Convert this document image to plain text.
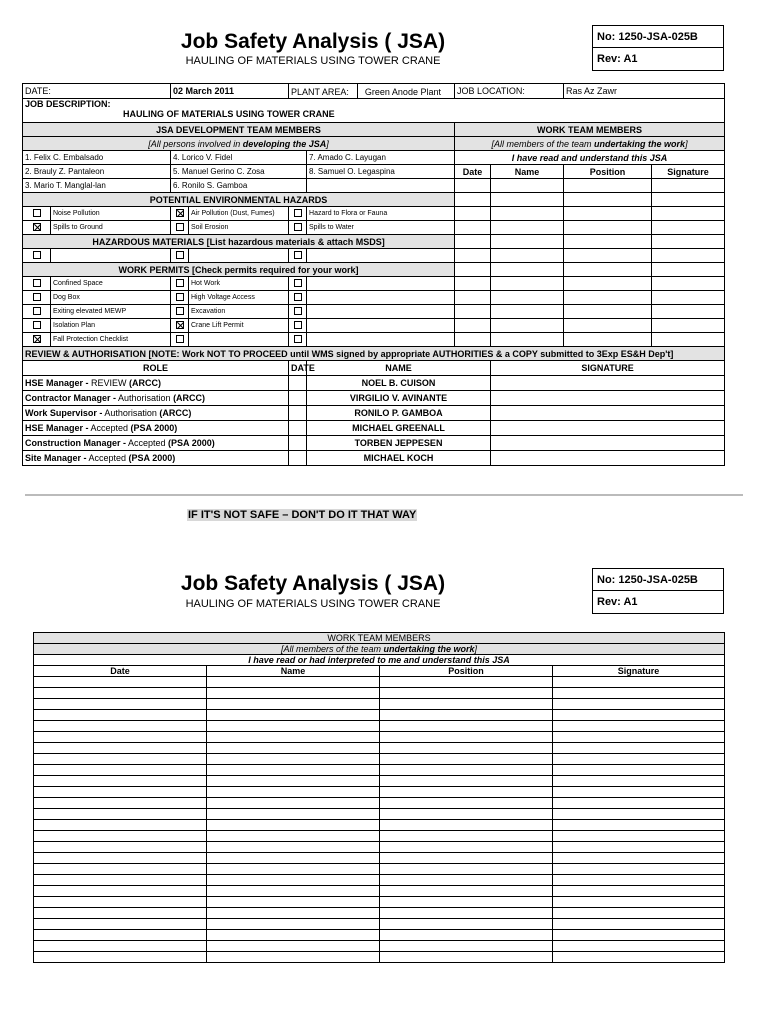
Job Safety Analysis ( JSA)
HAULING OF MATERIALS USING TOWER CRANE
No: 1250-JSA-025B
Rev: A1
DATE:		02 March 2011		PLANT AREA: Green Anode Plant		JOB LOCATION:		Ras Az Zawr	

JOB DESCRIPTION:
HAULING OF MATERIALS USING TOWER CRANE									

JSA DEVELOPMENT TEAM MEMBERS						WORK TEAM MEMBERS			
[All persons involved in developing the JSA]						[All members of the team undertaking the work]			
1. Felix C. Embalsado		4. Lorico V. Fidel			7. Amado C. Layugan	I have read and understand this JSA			
2. Brauly Z. Pantaleon		5. Manuel Gerino C. Zosa			8. Samuel O. Legaspina	Date	Name	Position	Signature
3. Mario T. Manglal-lan		6. Ronilo S. Gamboa							
POTENTIAL ENVIRONMENTAL HAZARDS									
	Noise Pollution		Air Pollution (Dust, Fumes)		Hazard to Flora or Fauna				
	Spills to Ground		Soil Erosion		Spills to Water				
HAZARDOUS MATERIALS [List hazardous materials & attach MSDS]									

WORK PERMITS [Check permits required for your work]									
	Confined Space		Hot Work						
	Dog Box		High Voltage Access						
	Exiting elevated MEWP		Excavation						
	Isolation Plan		Crane Lift Permit						
	Fall Protection Checklist								
REVIEW & AUTHORISATION [NOTE: Work NOT TO PROCEED until WMS signed by appropriate AUTHORITIES & a COPY submitted to 3Exp ES&H Dep't]									
ROLE				DATE	NAME		SIGNATURE		
HSE Manager - REVIEW (ARCC)					NOEL B. CUISON				
Contractor Manager - Authorisation (ARCC)					VIRGILIO V. AVINANTE				
Work Supervisor - Authorisation (ARCC)					RONILO P. GAMBOA				
HSE Manager - Accepted (PSA 2000)					MICHAEL GREENALL				
Construction Manager - Accepted (PSA 2000)					TORBEN JEPPESEN				
Site Manager - Accepted (PSA 2000)					MICHAEL KOCH				
IF IT'S NOT SAFE – DON'T DO IT THAT WAY
Job Safety Analysis ( JSA)
HAULING OF MATERIALS USING TOWER CRANE
No: 1250-JSA-025B
Rev: A1
WORK TEAM MEMBERS			
[All members of the team undertaking the work]			
I have read or had interpreted to me and understand this JSA			
Date	Name	Position	Signature
